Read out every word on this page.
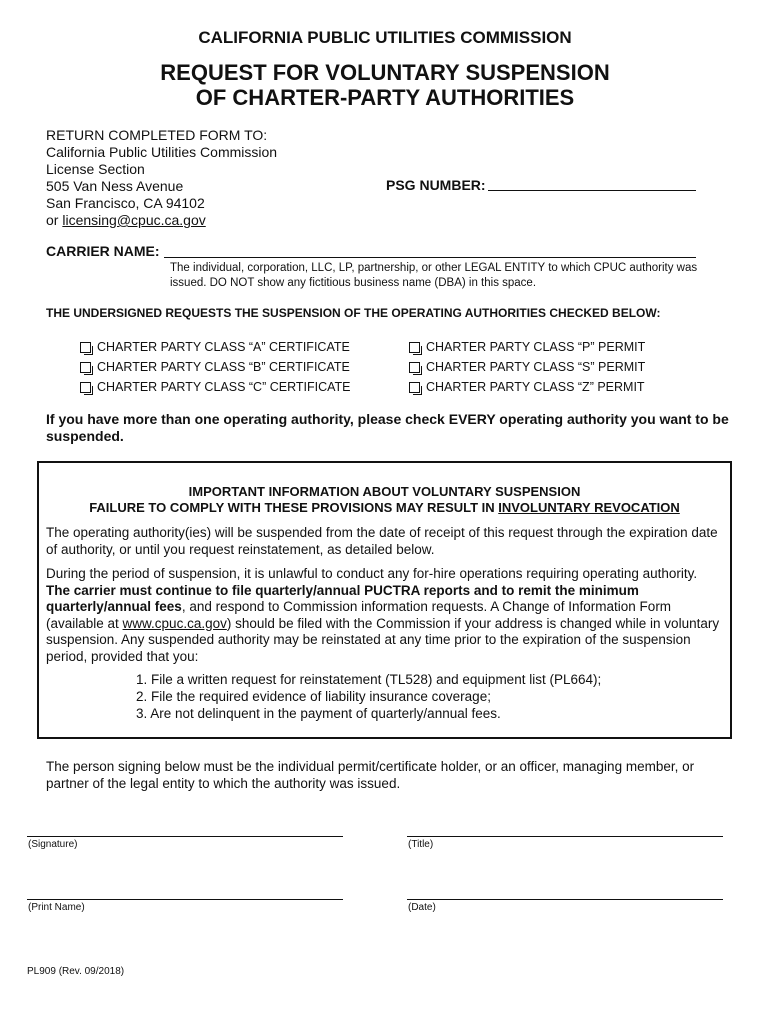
CALIFORNIA PUBLIC UTILITIES COMMISSION
REQUEST FOR VOLUNTARY SUSPENSION
OF CHARTER-PARTY AUTHORITIES
RETURN COMPLETED FORM TO:
California Public Utilities Commission
License Section
505 Van Ness Avenue
San Francisco, CA 94102
or licensing@cpuc.ca.gov
PSG NUMBER:
CARRIER NAME:
The individual, corporation, LLC, LP, partnership, or other LEGAL ENTITY to which CPUC authority was issued. DO NOT show any fictitious business name (DBA) in this space.
THE UNDERSIGNED REQUESTS THE SUSPENSION OF THE OPERATING AUTHORITIES CHECKED BELOW:
CHARTER PARTY CLASS “A” CERTIFICATE
CHARTER PARTY CLASS “B” CERTIFICATE
CHARTER PARTY CLASS “C” CERTIFICATE
CHARTER PARTY CLASS “P” PERMIT
CHARTER PARTY CLASS “S” PERMIT
CHARTER PARTY CLASS “Z” PERMIT
If you have more than one operating authority, please check EVERY operating authority you want to be suspended.
IMPORTANT INFORMATION ABOUT VOLUNTARY SUSPENSION
FAILURE TO COMPLY WITH THESE PROVISIONS MAY RESULT IN INVOLUNTARY REVOCATION
The operating authority(ies) will be suspended from the date of receipt of this request through the expiration date of authority, or until you request reinstatement, as detailed below.
During the period of suspension, it is unlawful to conduct any for-hire operations requiring operating authority. The carrier must continue to file quarterly/annual PUCTRA reports and to remit the minimum quarterly/annual fees, and respond to Commission information requests. A Change of Information Form (available at www.cpuc.ca.gov) should be filed with the Commission if your address is changed while in voluntary suspension. Any suspended authority may be reinstated at any time prior to the expiration of the suspension period, provided that you:
1. File a written request for reinstatement (TL528) and equipment list (PL664);
2. File the required evidence of liability insurance coverage;
3. Are not delinquent in the payment of quarterly/annual fees.
The person signing below must be the individual permit/certificate holder, or an officer, managing member, or partner of the legal entity to which the authority was issued.
(Signature)	(Title)
(Print Name)	(Date)
PL909 (Rev. 09/2018)
